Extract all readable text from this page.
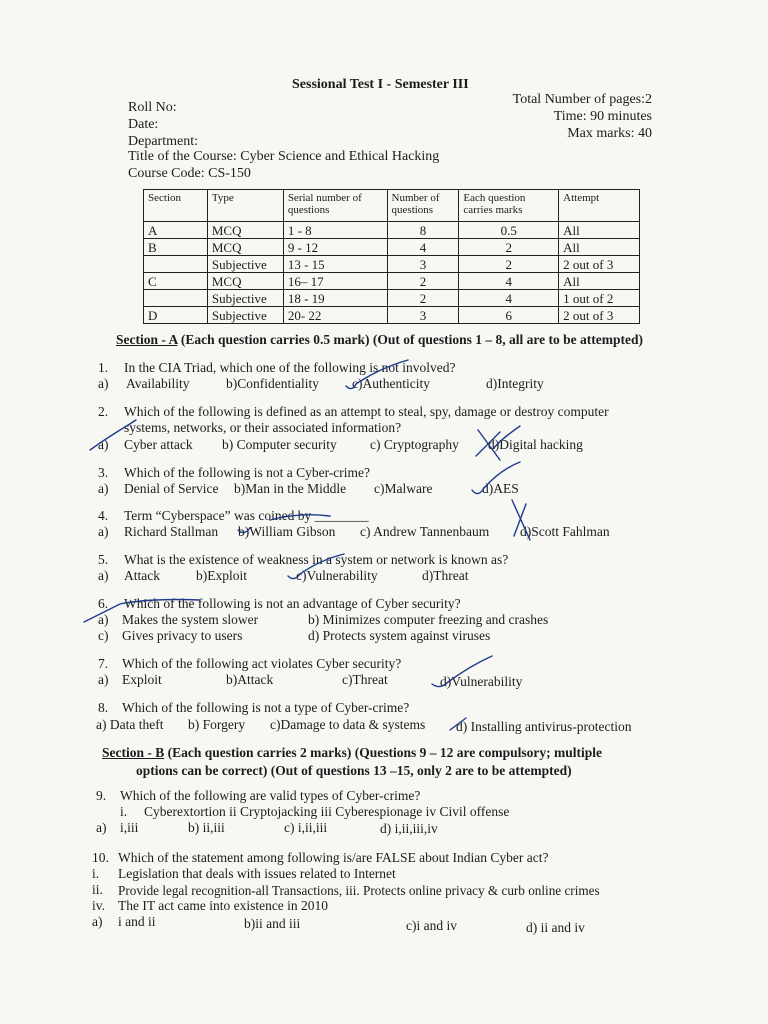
Sessional Test I - Semester III
Roll No:
Date:
Department:
Title of the Course: Cyber Science and Ethical Hacking
Course Code: CS-150
Total Number of pages:2
Time: 90 minutes
Max marks: 40
Section	Type	Serial number of questions	Number of questions	Each question carries marks	Attempt
A	MCQ	1 - 8	8	0.5	All
B	MCQ	9 - 12	4	2	All
	Subjective	13 - 15	3	2	2 out of 3
C	MCQ	16– 17	2	4	All
	Subjective	18 - 19	2	4	1 out of 2
D	Subjective	20- 22	3	6	2 out of 3
Section - A (Each question carries 0.5 mark) (Out of questions 1 – 8, all are to be attempted)
1. In the CIA Triad, which one of the following is not involved?
a) Availability	b)Confidentiality c)Authenticity	d)Integrity
2. Which of the following is defined as an attempt to steal, spy, damage or destroy computer
systems, networks, or their associated information?
a) Cyber attack b) Computer security c) Cryptography d)Digital hacking
3. Which of the following is not a Cyber-crime?
a) Denial of Service b)Man in the Middle c)Malware	d)AES
4. Term “Cyberspace” was coined by ________
a) Richard Stallman b)William Gibson c) Andrew Tannenbaum d)Scott Fahlman
5. What is the existence of weakness in a system or network is known as?
a) Attack	b)Exploit	c)Vulnerability	d)Threat
6. Which of the following is not an advantage of Cyber security?
a) Makes the system slower	b) Minimizes computer freezing and crashes
c) Gives privacy to users	d) Protects system against viruses
7. Which of the following act violates Cyber security?
a) Exploit	b)Attack	c)Threat	d)Vulnerability
8. Which of the following is not a type of Cyber-crime?
a) Data theft b) Forgery c)Damage to data & systems d) Installing antivirus-protection
Section - B (Each question carries 2 marks) (Questions 9 – 12 are compulsory; multiple
options can be correct) (Out of questions 13 –15, only 2 are to be attempted)
9. Which of the following are valid types of Cyber-crime?
i. Cyberextortion ii Cryptojacking iii Cyberespionage iv Civil offense
a) i,iii	b) ii,iii	c) i,ii,iii	d) i,ii,iii,iv
10. Which of the statement among following is/are FALSE about Indian Cyber act?
i. Legislation that deals with issues related to Internet
ii. Provide legal recognition-all Transactions, iii. Protects online privacy & curb online crimes
iv. The IT act came into existence in 2010
a) i and ii	b)ii and iii	c)i and iv	d) ii and iv
